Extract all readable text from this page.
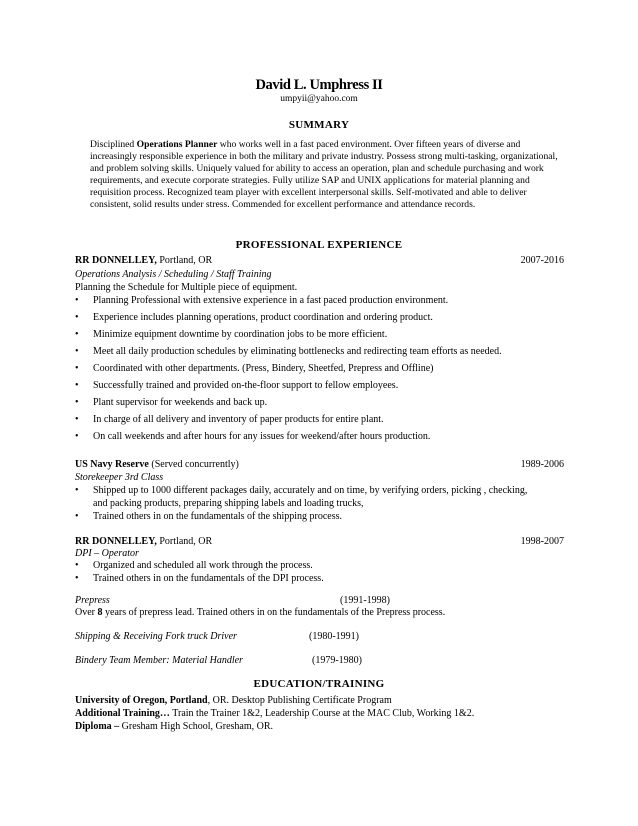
David L. Umphress II
umpyii@yahoo.com
SUMMARY
Disciplined Operations Planner who works well in a fast paced environment. Over fifteen years of diverse and increasingly responsible experience in both the military and private industry. Possess strong multi-tasking, organizational, and problem solving skills. Uniquely valued for ability to access an operation, plan and schedule purchasing and work requirements, and execute corporate strategies. Fully utilize SAP and UNIX applications for material planning and requisition process. Recognized team player with excellent interpersonal skills. Self-motivated and able to deliver consistent, solid results under stress. Commended for excellent performance and attendance records.
PROFESSIONAL EXPERIENCE
RR DONNELLEY, Portland, OR	2007-2016
Operations Analysis / Scheduling / Staff Training
Planning the Schedule for Multiple piece of equipment.
• Planning Professional with extensive experience in a fast paced production environment.
• Experience includes planning operations, product coordination and ordering product.
• Minimize equipment downtime by coordination jobs to be more efficient.
• Meet all daily production schedules by eliminating bottlenecks and redirecting team efforts as needed.
• Coordinated with other departments. (Press, Bindery, Sheetfed, Prepress and Offline)
• Successfully trained and provided on-the-floor support to fellow employees.
• Plant supervisor for weekends and back up.
• In charge of all delivery and inventory of paper products for entire plant.
• On call weekends and after hours for any issues for weekend/after hours production.
US Navy Reserve (Served concurrently)	1989-2006
Storekeeper 3rd Class
• Shipped up to 1000 different packages daily, accurately and on time, by verifying orders, picking , checking,
and packing products, preparing shipping labels and loading trucks,
• Trained others in on the fundamentals of the shipping process.
RR DONNELLEY, Portland, OR	1998-2007
DPI – Operator
• Organized and scheduled all work through the process.
• Trained others in on the fundamentals of the DPI process.
Prepress	(1991-1998)
Over 8 years of prepress lead. Trained others in on the fundamentals of the Prepress process.
Shipping & Receiving Fork truck Driver	(1980-1991)
Bindery Team Member: Material Handler	(1979-1980)
EDUCATION/TRAINING
University of Oregon, Portland, OR. Desktop Publishing Certificate Program
Additional Training… Train the Trainer 1&2, Leadership Course at the MAC Club, Working 1&2.
Diploma – Gresham High School, Gresham, OR.
